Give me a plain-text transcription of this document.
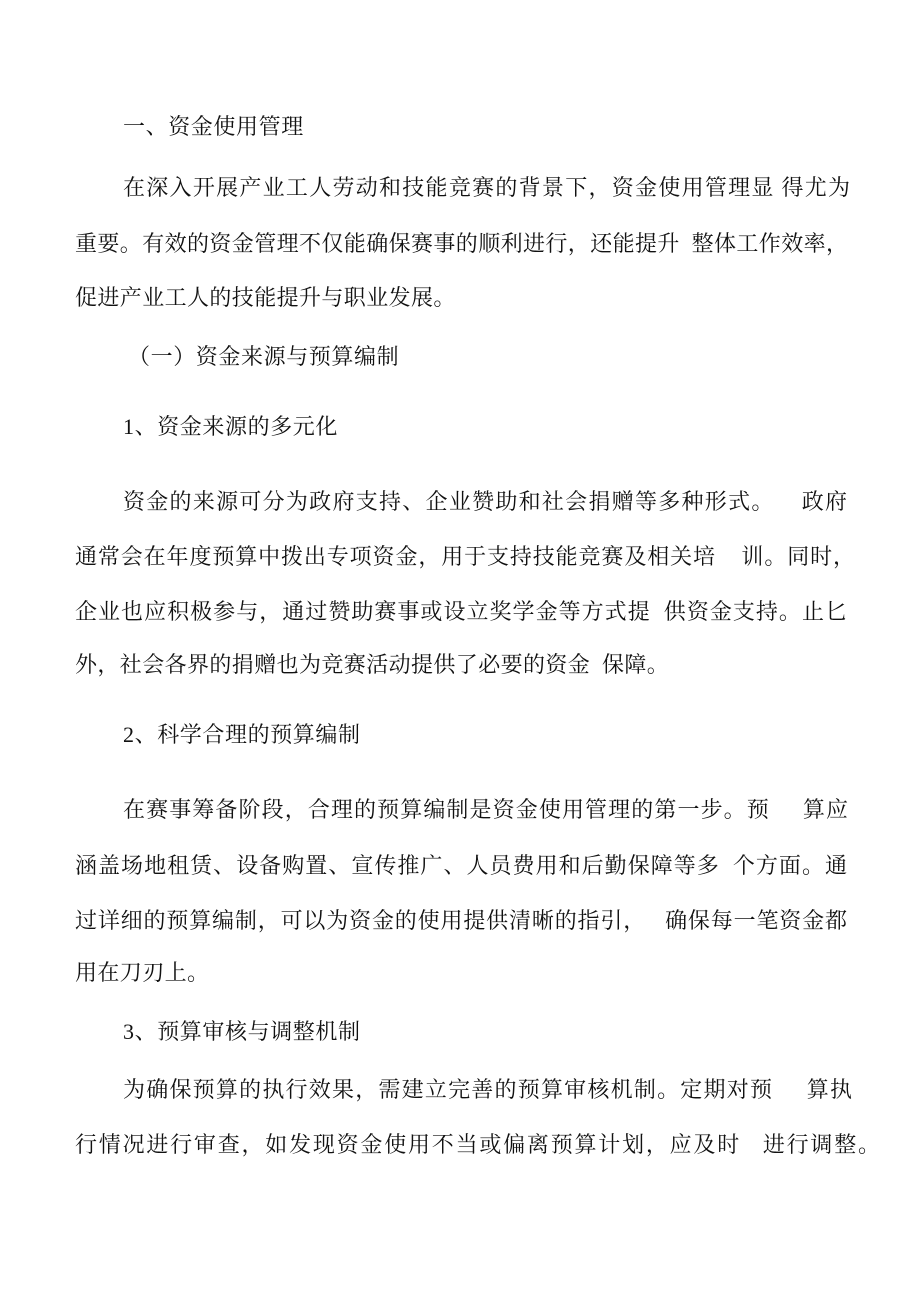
一、资金使用管理
在深入开展产业工人劳动和技能竞赛的背景下，资金使用管理显 得尤为
重要。有效的资金管理不仅能确保赛事的顺利进行，还能提升  整体工作效率，
促进产业工人的技能提升与职业发展。
（一）资金来源与预算编制
1、资金来源的多元化
资金的来源可分为政府支持、企业赞助和社会捐赠等多种形式。    政府
通常会在年度预算中拨出专项资金，用于支持技能竞赛及相关培    训。同时，
企业也应积极参与，通过赞助赛事或设立奖学金等方式提  供资金支持。止匕
外，社会各界的捐赠也为竞赛活动提供了必要的资金  保障。
2、科学合理的预算编制
在赛事筹备阶段，合理的预算编制是资金使用管理的第一步。预     算应
涵盖场地租赁、设备购置、宣传推广、人员费用和后勤保障等多  个方面。通
过详细的预算编制，可以为资金的使用提供清晰的指引，   确保每一笔资金都
用在刀刃上。
3、预算审核与调整机制
为确保预算的执行效果，需建立完善的预算审核机制。定期对预     算执
行情况进行审查，如发现资金使用不当或偏离预算计划，应及时   进行调整。
